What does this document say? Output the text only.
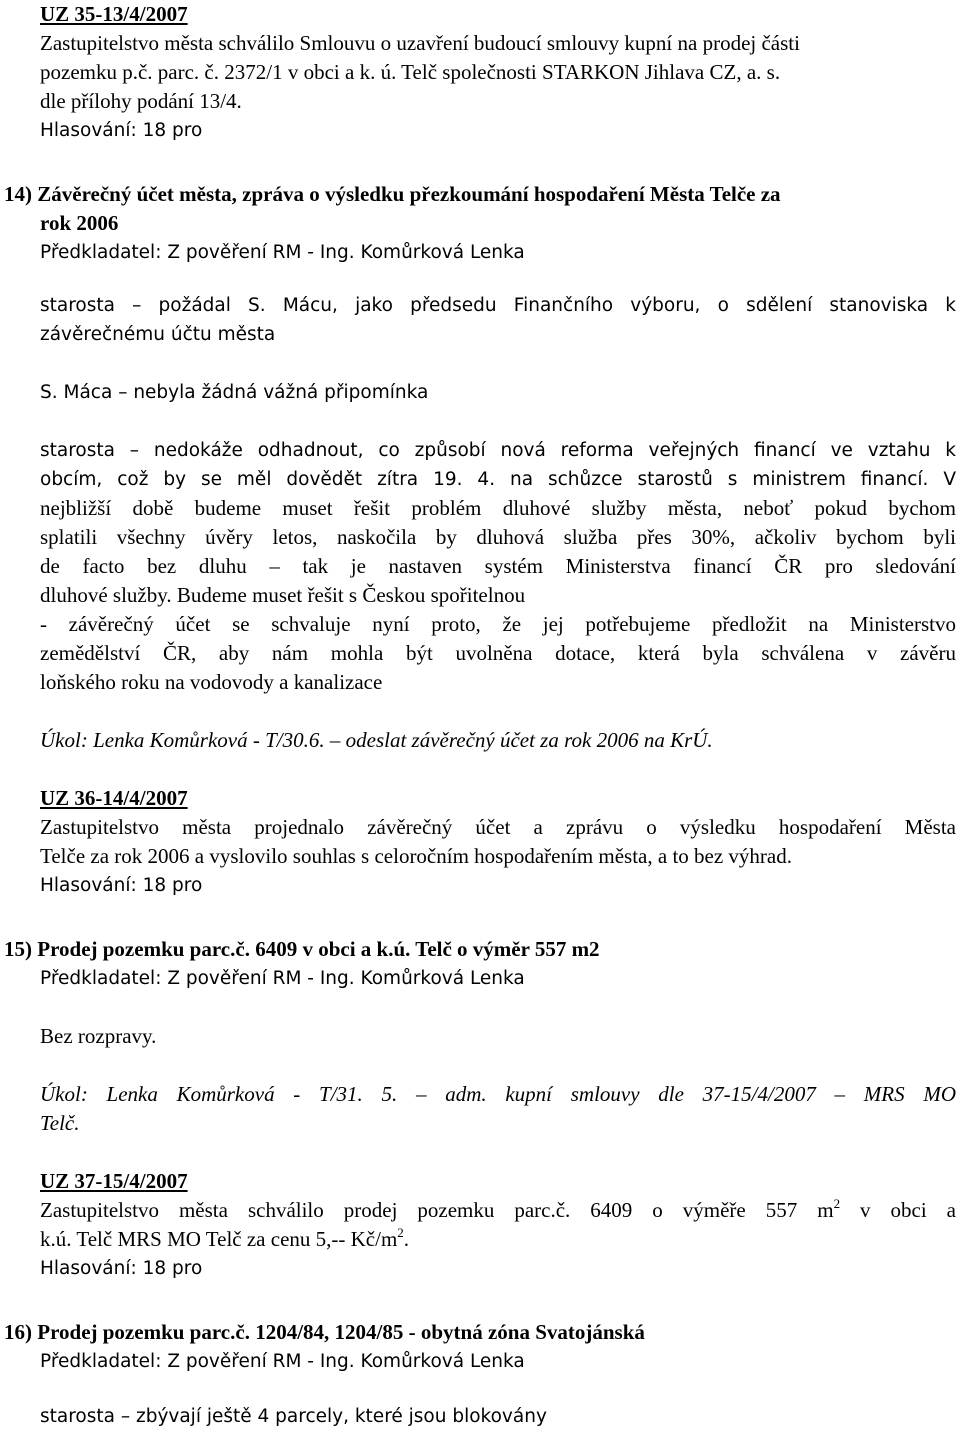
UZ 35-13/4/2007
Zastupitelstvo města schválilo Smlouvu o uzavření budoucí smlouvy kupní na prodej části
pozemku p.č. parc. č. 2372/1 v obci a k. ú. Telč společnosti STARKON Jihlava CZ, a. s.
dle přílohy podání 13/4.
Hlasování: 18 pro
14) Závěrečný účet města, zpráva o výsledku přezkoumání hospodaření Města Telče za
rok 2006
Předkladatel: Z pověření RM - Ing. Komůrková Lenka
starosta – požádal S. Mácu, jako předsedu Finančního výboru, o sdělení stanoviska k
závěrečnému účtu města
S. Máca – nebyla žádná vážná připomínka
starosta – nedokáže odhadnout, co způsobí nová reforma veřejných financí ve vztahu k
obcím, což by se měl dovědět zítra 19. 4. na schůzce starostů s ministrem financí. V
nejbližší době budeme muset řešit problém dluhové služby města, neboť pokud bychom
splatili všechny úvěry letos, naskočila by dluhová služba přes 30%, ačkoliv bychom byli
de facto bez dluhu – tak je nastaven systém Ministerstva financí ČR pro sledování
dluhové služby. Budeme muset řešit s Českou spořitelnou
- závěrečný účet se schvaluje nyní proto, že jej potřebujeme předložit na Ministerstvo
zemědělství ČR, aby nám mohla být uvolněna dotace, která byla schválena v závěru
loňského roku na vodovody a kanalizace
Úkol: Lenka Komůrková - T/30.6. – odeslat závěrečný účet za rok 2006 na KrÚ.
UZ 36-14/4/2007
Zastupitelstvo města projednalo závěrečný účet a zprávu o výsledku hospodaření Města
Telče za rok 2006 a vyslovilo souhlas s celoročním hospodařením města, a to bez výhrad.
Hlasování: 18 pro
15) Prodej pozemku parc.č. 6409 v obci a k.ú. Telč o výměr 557 m2
Předkladatel: Z pověření RM - Ing. Komůrková Lenka
Bez rozpravy.
Úkol: Lenka Komůrková - T/31. 5. – adm. kupní smlouvy dle 37-15/4/2007 – MRS MO
Telč.
UZ 37-15/4/2007
Zastupitelstvo města schválilo prodej pozemku parc.č. 6409 o výměře 557 $m^2$ v obci a
k.ú. Telč MRS MO Telč za cenu 5,-- $Kč/m^2$.
Hlasování: 18 pro
16) Prodej pozemku parc.č. 1204/84, 1204/85 - obytná zóna Svatojánská
Předkladatel: Z pověření RM - Ing. Komůrková Lenka
starosta – zbývají ještě 4 parcely, které jsou blokovány
